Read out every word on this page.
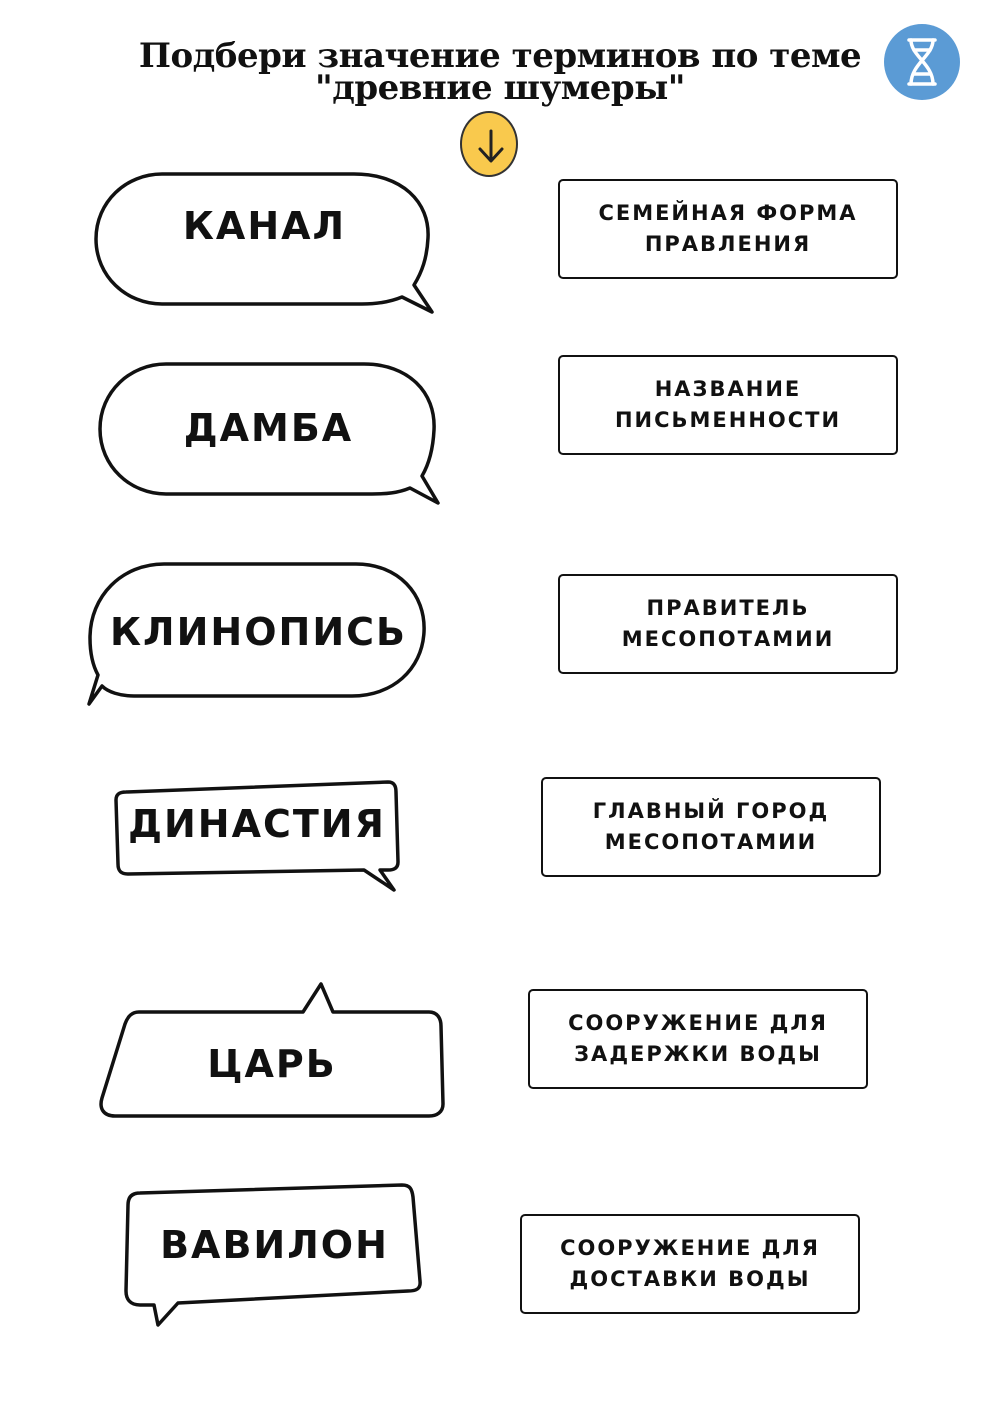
Подбери значение терминов по теме
"древние шумеры"
КАНАЛ
ДАМБА
КЛИНОПИСЬ
ДИНАСТИЯ
ЦАРЬ
ВАВИЛОН
СЕМЕЙНАЯ ФОРМА
ПРАВЛЕНИЯ
НАЗВАНИЕ
ПИСЬМЕННОСТИ
ПРАВИТЕЛЬ
МЕСОПОТАМИИ
ГЛАВНЫЙ ГОРОД
МЕСОПОТАМИИ
СООРУЖЕНИЕ ДЛЯ
ЗАДЕРЖКИ ВОДЫ
СООРУЖЕНИЕ ДЛЯ
ДОСТАВКИ ВОДЫ
